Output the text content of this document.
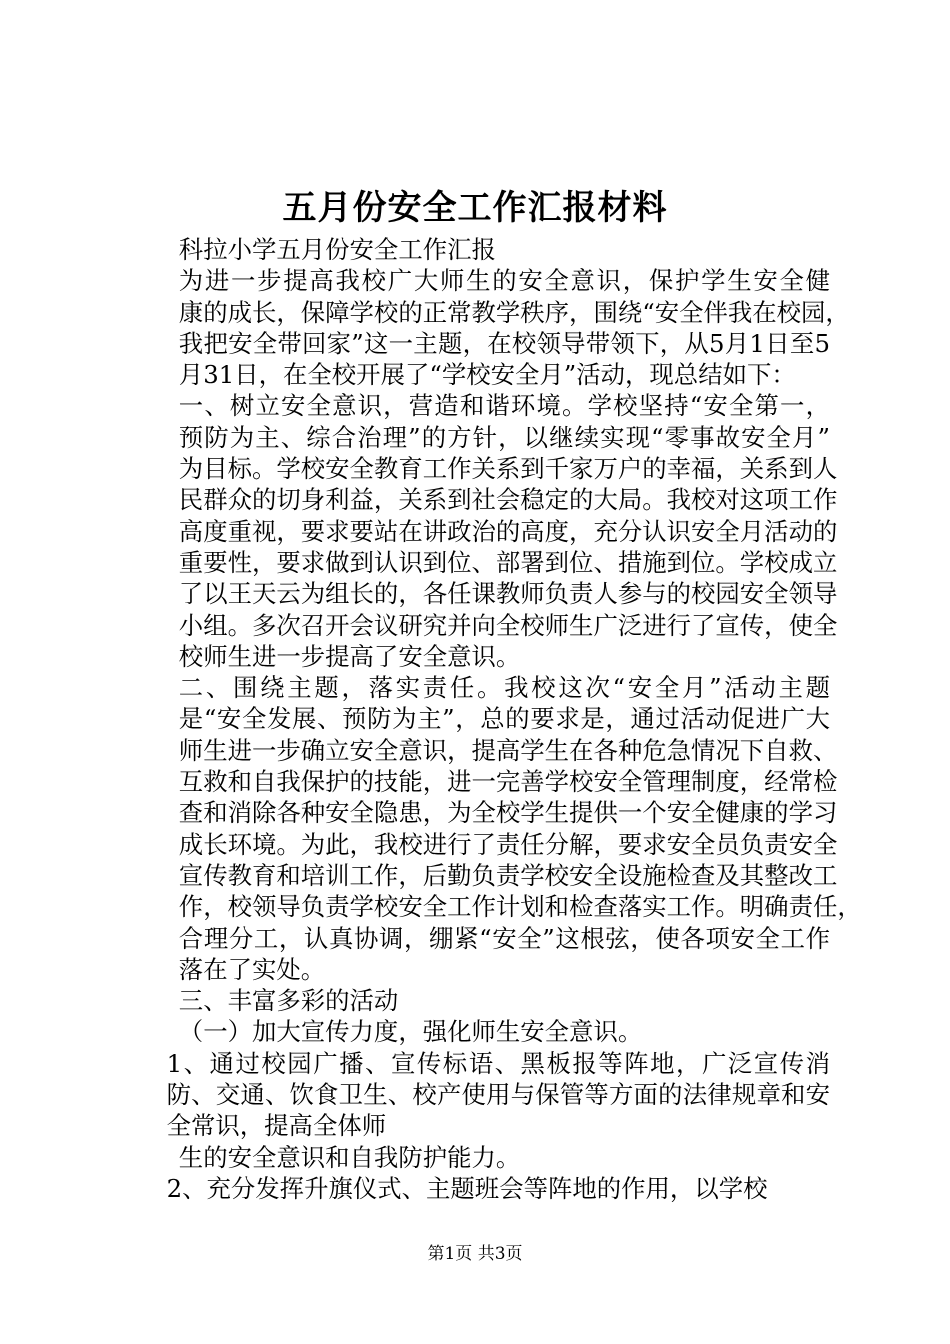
五月份安全工作汇报材料

科拉小学五月份安全工作汇报

为进一步提高我校广大师生的安全意识，保护学生安全健
康的成长，保障学校的正常教学秩序，围绕“安全伴我在校园，
我把安全带回家”这一主题，在校领导带领下，从5月1日至5
月31日，在全校开展了“学校安全月”活动，现总结如下：

一、树立安全意识，营造和谐环境。学校坚持“安全第一，
预防为主、综合治理”的方针，以继续实现“零事故安全月”
为目标。学校安全教育工作关系到千家万户的幸福，关系到人
民群众的切身利益，关系到社会稳定的大局。我校对这项工作
高度重视，要求要站在讲政治的高度，充分认识安全月活动的
重要性，要求做到认识到位、部署到位、措施到位。学校成立
了以王天云为组长的，各任课教师负责人参与的校园安全领导
小组。多次召开会议研究并向全校师生广泛进行了宣传，使全
校师生进一步提高了安全意识。

二、围绕主题，落实责任。我校这次“安全月”活动主题
是“安全发展、预防为主”，总的要求是，通过活动促进广大
师生进一步确立安全意识，提高学生在各种危急情况下自救、
互救和自我保护的技能，进一完善学校安全管理制度，经常检
查和消除各种安全隐患，为全校学生提供一个安全健康的学习
成长环境。为此，我校进行了责任分解，要求安全员负责安全
宣传教育和培训工作，后勤负责学校安全设施检查及其整改工
作，校领导负责学校安全工作计划和检查落实工作。明确责任，
合理分工，认真协调，绷紧“安全”这根弦，使各项安全工作
落在了实处。

三、丰富多彩的活动

（一）加大宣传力度，强化师生安全意识。

1、通过校园广播、宣传标语、黑板报等阵地，广泛宣传消
防、交通、饮食卫生、校产使用与保管等方面的法律规章和安
全常识，提高全体师

生的安全意识和自我防护能力。

2、充分发挥升旗仪式、主题班会等阵地的作用，以学校

第1页 共3页
